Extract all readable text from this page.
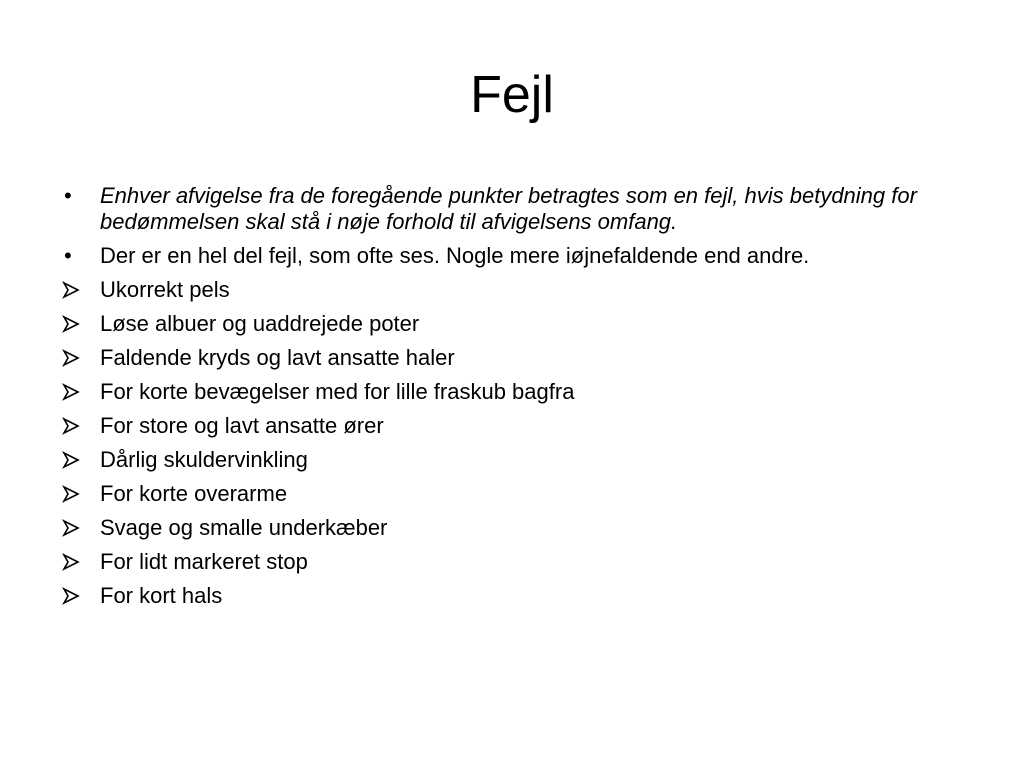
Fejl
•	Enhver afvigelse fra de foregående punkter betragtes som en fejl, hvis betydning for bedømmelsen skal stå i nøje forhold til afvigelsens omfang.
•	Der er en hel del fejl, som ofte ses. Nogle mere iøjnefaldende end andre.
Ukorrekt pels
Løse albuer og uaddrejede poter
Faldende kryds og lavt ansatte haler
For korte bevægelser med for lille fraskub bagfra
For store og lavt ansatte ører
Dårlig skuldervinkling
For korte overarme
Svage og smalle underkæber
For lidt markeret stop
For kort hals
